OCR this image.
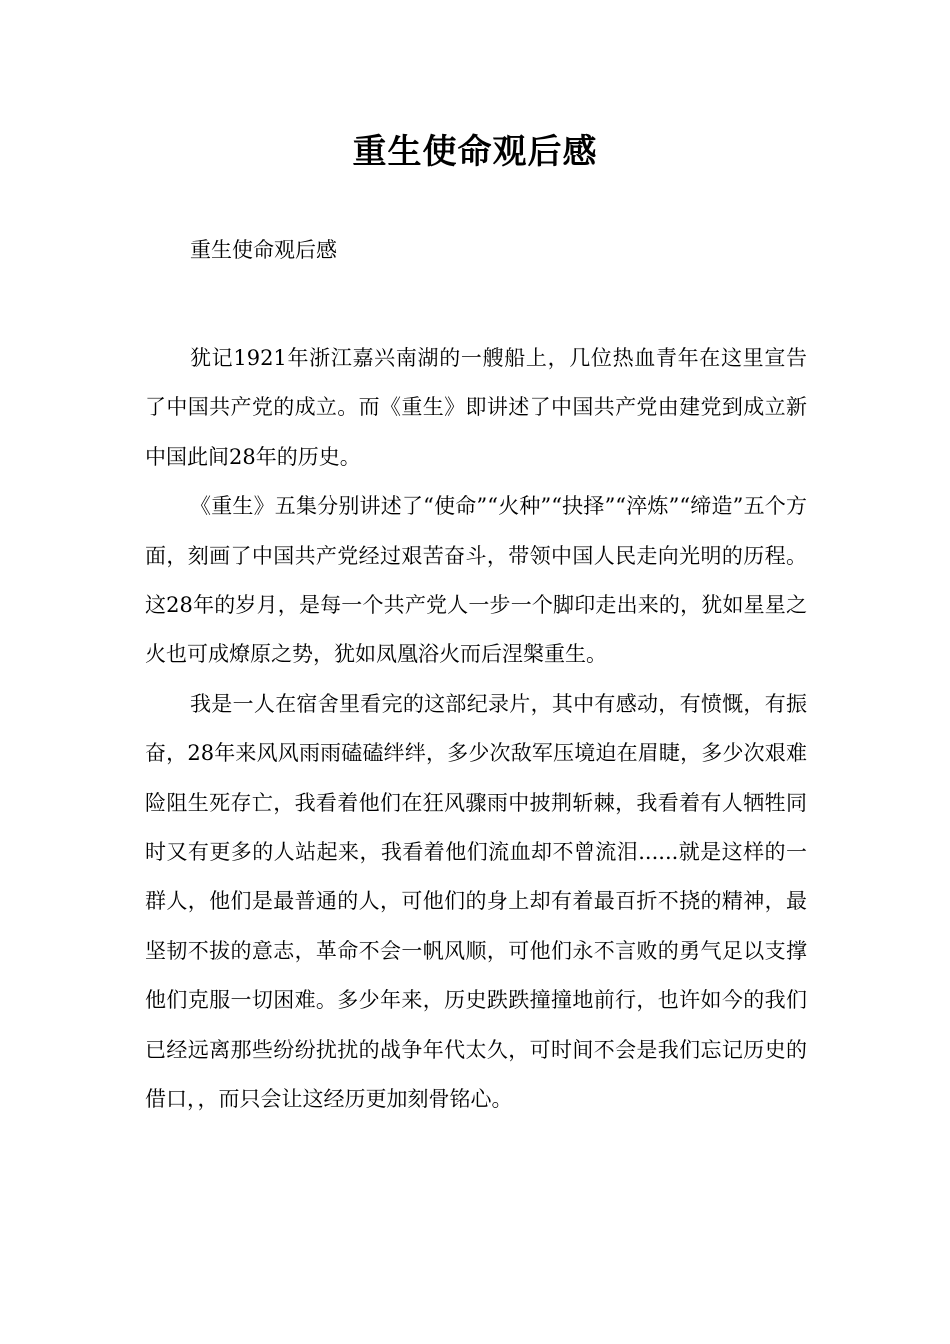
重生使命观后感
重生使命观后感

犹记1921年浙江嘉兴南湖的一艘船上，几位热血青年在这里宣告了中国共产党的成立。而《重生》即讲述了中国共产党由建党到成立新中国此间28年的历史。

《重生》五集分别讲述了“使命”“火种”“抉择”“淬炼”“缔造”五个方面，刻画了中国共产党经过艰苦奋斗，带领中国人民走向光明的历程。这28年的岁月，是每一个共产党人一步一个脚印走出来的，犹如星星之火也可成燎原之势，犹如凤凰浴火而后涅槃重生。

我是一人在宿舍里看完的这部纪录片，其中有感动，有愤慨，有振奋，28年来风风雨雨磕磕绊绊，多少次敌军压境迫在眉睫，多少次艰难险阻生死存亡，我看着他们在狂风骤雨中披荆斩棘，我看着有人牺牲同时又有更多的人站起来，我看着他们流血却不曾流泪......就是这样的一群人，他们是最普通的人，可他们的身上却有着最百折不挠的精神，最坚韧不拔的意志，革命不会一帆风顺，可他们永不言败的勇气足以支撑他们克服一切困难。多少年来，历史跌跌撞撞地前行，也许如今的我们已经远离那些纷纷扰扰的战争年代太久，可时间不会是我们忘记历史的借口，，而只会让这经历更加刻骨铭心。
